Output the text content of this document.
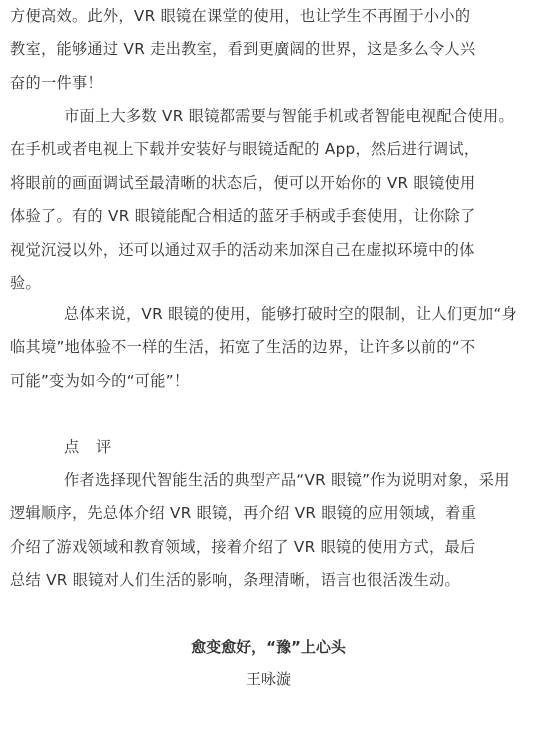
方便高效。此外，VR 眼镜在课堂的使用，也让学生不再囿于小小的
教室，能够通过 VR 走出教室，看到更廣阔的世界，这是多么令人兴
奋的一件事！
市面上大多数 VR 眼镜都需要与智能手机或者智能电视配合使用。
在手机或者电视上下载并安装好与眼镜适配的 App，然后进行调试，
将眼前的画面调试至最清晰的状态后，便可以开始你的 VR 眼镜使用
体验了。有的 VR 眼镜能配合相适的蓝牙手柄或手套使用，让你除了
视觉沉浸以外，还可以通过双手的活动来加深自己在虚拟环境中的体
验。
总体来说，VR 眼镜的使用，能够打破时空的限制，让人们更加“身
临其境”地体验不一样的生活，拓宽了生活的边界，让许多以前的“不
可能”变为如今的“可能”！
点 评
作者选择现代智能生活的典型产品“VR 眼镜”作为说明对象，采用
逻辑顺序，先总体介绍 VR 眼镜，再介绍 VR 眼镜的应用领域，着重
介绍了游戏领域和教育领域，接着介绍了 VR 眼镜的使用方式，最后
总结 VR 眼镜对人们生活的影响，条理清晰，语言也很活泼生动。
愈变愈好，“豫”上心头
王咏漩
